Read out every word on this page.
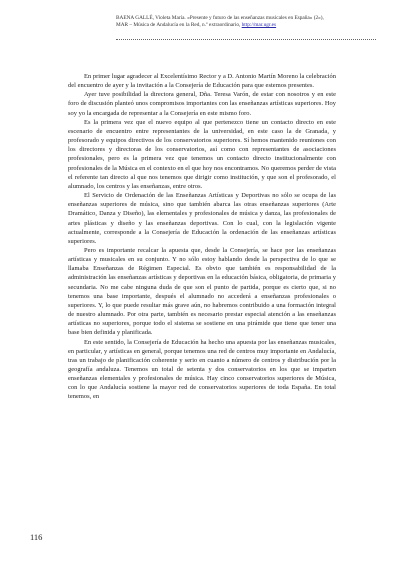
BAENA GALLÉ, Violeta María. «Presente y futuro de las enseñanzas musicales en España» (2»),
MAR – Música de Andalucía en la Red, n.º extraordinario, http://mar.ugr.es

En primer lugar agradecer al Excelentísimo Rector y a D. Antonio Martín Moreno la celebración del encuentro de ayer y la invitación a la Consejería de Educación para que estemos presentes.

Ayer tuve posibilidad la directora general, Dña. Teresa Varón, de estar con nosotros y en este foro de discusión planteó unos compromisos importantes con las enseñanzas artísticas superiores. Hoy soy yo la encargada de representar a la Consejería en este mismo foro.

Es la primera vez que el nuevo equipo al que pertenezco tiene un contacto directo en este escenario de encuentro entre representantes de la universidad, en este caso la de Granada, y profesorado y equipos directivos de los conservatorios superiores. Sí hemos mantenido reuniones con los directores y directoras de los conservatorios, así como con representantes de asociaciones profesionales, pero es la primera vez que tenemos un contacto directo institucionalmente con profesionales de la Música en el contexto en el que hoy nos encontramos. No queremos perder de vista el referente tan directo al que nos tenemos que dirigir como institución, y que son el profesorado, el alumnado, los centros y las enseñanzas, entre otros.

El Servicio de Ordenación de las Enseñanzas Artísticas y Deportivas no sólo se ocupa de las enseñanzas superiores de música, sino que también abarca las otras enseñanzas superiores (Arte Dramático, Danza y Diseño), las elementales y profesionales de música y danza, las profesionales de artes plásticas y diseño y las enseñanzas deportivas. Con lo cual, con la legislación vigente actualmente, corresponde a la Consejería de Educación la ordenación de las enseñanzas artísticas superiores.

Pero es importante recalcar la apuesta que, desde la Consejería, se hace por las enseñanzas artísticas y musicales en su conjunto. Y no sólo estoy hablando desde la perspectiva de lo que se llamaba Enseñanzas de Régimen Especial. Es obvio que también es responsabilidad de la administración las enseñanzas artísticas y deportivas en la educación básica, obligatoria, de primaria y secundaria. No me cabe ninguna duda de que son el punto de partida, porque es cierto que, si no tenemos una base importante, después el alumnado no accederá a enseñanzas profesionales o superiores. Y, lo que puede resultar más grave aún, no habremos contribuido a una formación integral de nuestro alumnado. Por otra parte, también es necesario prestar especial atención a las enseñanzas artísticas no superiores, porque todo el sistema se sostiene en una pirámide que tiene que tener una base bien definida y planificada.

En este sentido, la Consejería de Educación ha hecho una apuesta por las enseñanzas musicales, en particular, y artísticas en general, porque tenemos una red de centros muy importante en Andalucía, tras un trabajo de planificación coherente y serio en cuanto a número de centros y distribución por la geografía andaluza. Tenemos un total de setenta y dos conservatorios en los que se imparten enseñanzas elementales y profesionales de música. Hay cinco conservatorios superiores de Música, con lo que Andalucía sostiene la mayor red de conservatorios superiores de toda España. En total tenemos, en

116
